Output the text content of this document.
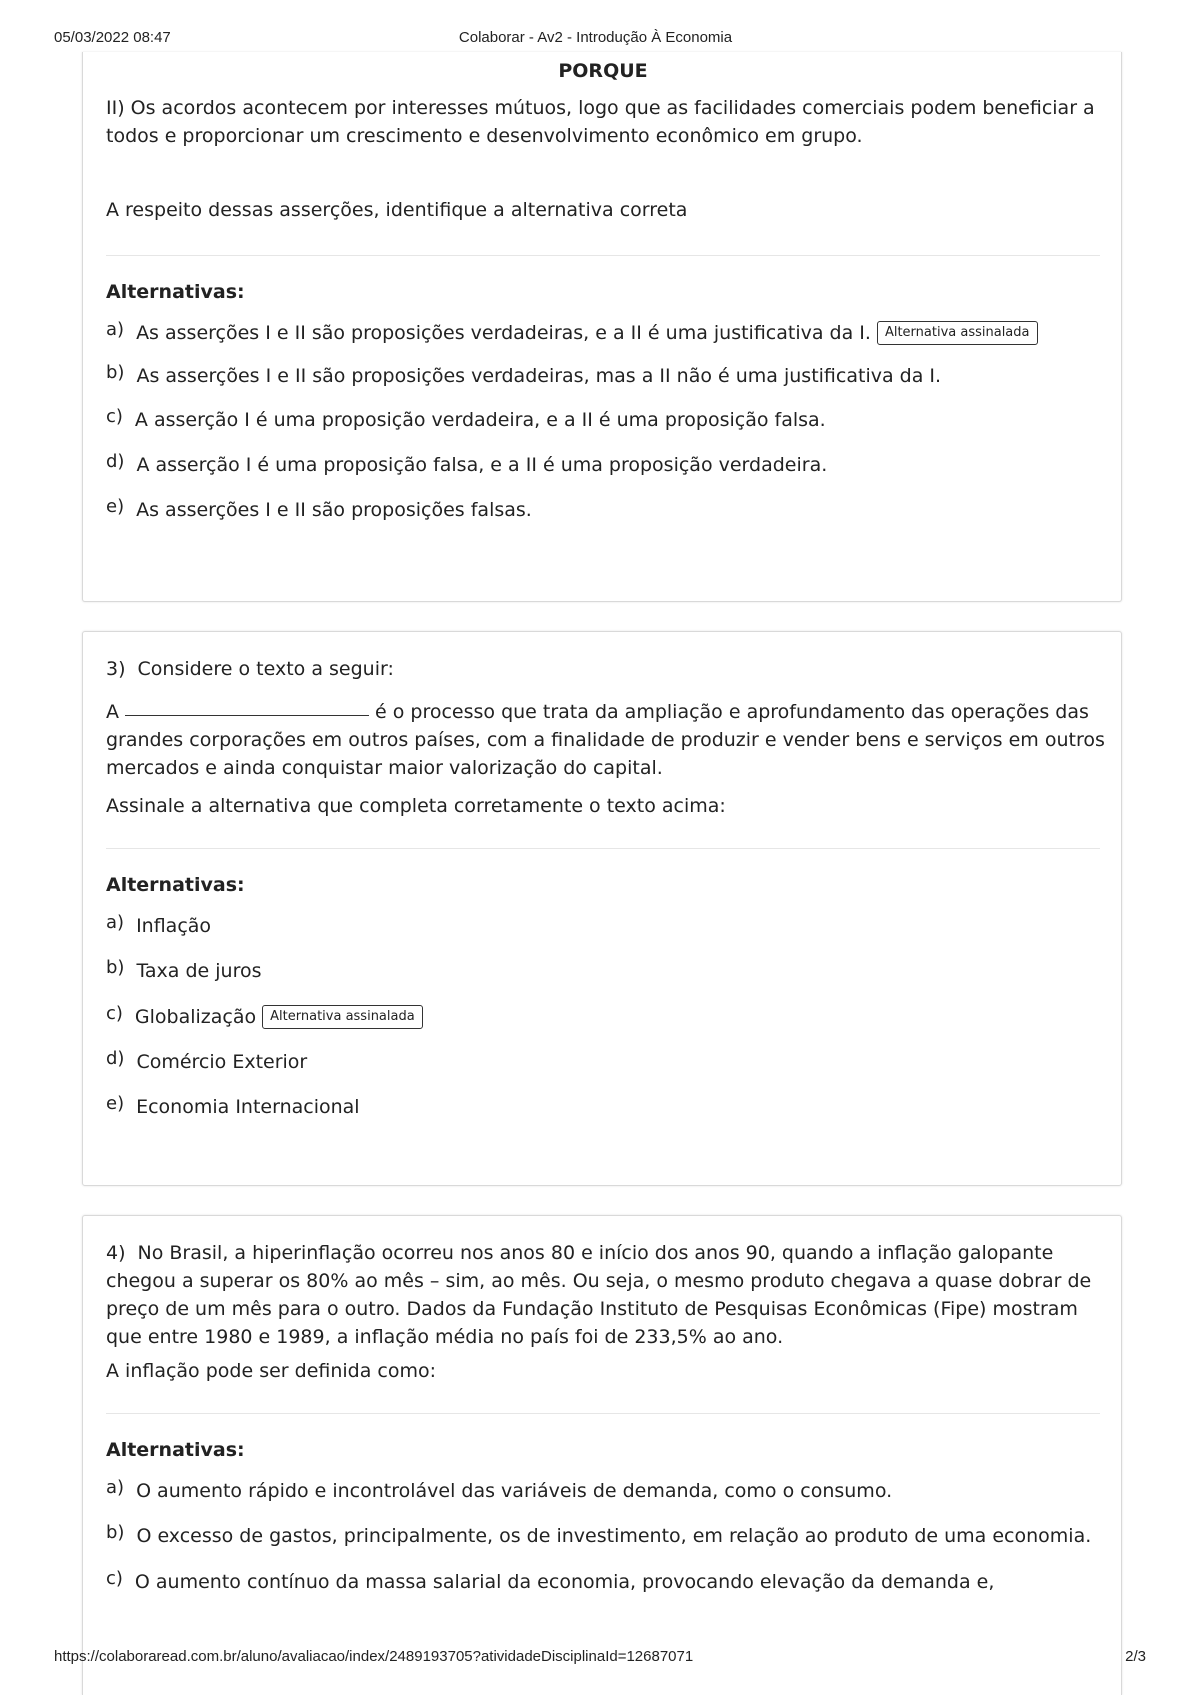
05/03/2022 08:47	Colaborar - Av2 - Introdução À Economia
PORQUE

II) Os acordos acontecem por interesses mútuos, logo que as facilidades comerciais podem beneficiar a todos e proporcionar um crescimento e desenvolvimento econômico em grupo.

A respeito dessas asserções, identifique a alternativa correta

Alternativas:
a) As asserções I e II são proposições verdadeiras, e a II é uma justificativa da I.	Alternativa assinalada
b) As asserções I e II são proposições verdadeiras, mas a II não é uma justificativa da I.
c) A asserção I é uma proposição verdadeira, e a II é uma proposição falsa.
d) A asserção I é uma proposição falsa, e a II é uma proposição verdadeira.
e) As asserções I e II são proposições falsas.
3) Considere o texto a seguir:

A	é o processo que trata da ampliação e aprofundamento das operações das grandes corporações em outros países, com a finalidade de produzir e vender bens e serviços em outros mercados e ainda conquistar maior valorização do capital.

Assinale a alternativa que completa corretamente o texto acima:

Alternativas:
a) Inflação
b) Taxa de juros
c) Globalização	Alternativa assinalada
d) Comércio Exterior
e) Economia Internacional

4) No Brasil, a hiperinflação ocorreu nos anos 80 e início dos anos 90, quando a inflação galopante chegou a superar os 80% ao mês – sim, ao mês. Ou seja, o mesmo produto chegava a quase dobrar de preço de um mês para o outro. Dados da Fundação Instituto de Pesquisas Econômicas (Fipe) mostram que entre 1980 e 1989, a inflação média no país foi de 233,5% ao ano.

A inflação pode ser definida como:

Alternativas:
a) O aumento rápido e incontrolável das variáveis de demanda, como o consumo.
b) O excesso de gastos, principalmente, os de investimento, em relação ao produto de uma economia.
c) O aumento contínuo da massa salarial da economia, provocando elevação da demanda e,
https://colaboraread.com.br/aluno/avaliacao/index/2489193705?atividadeDisciplinaId=12687071	2/3
